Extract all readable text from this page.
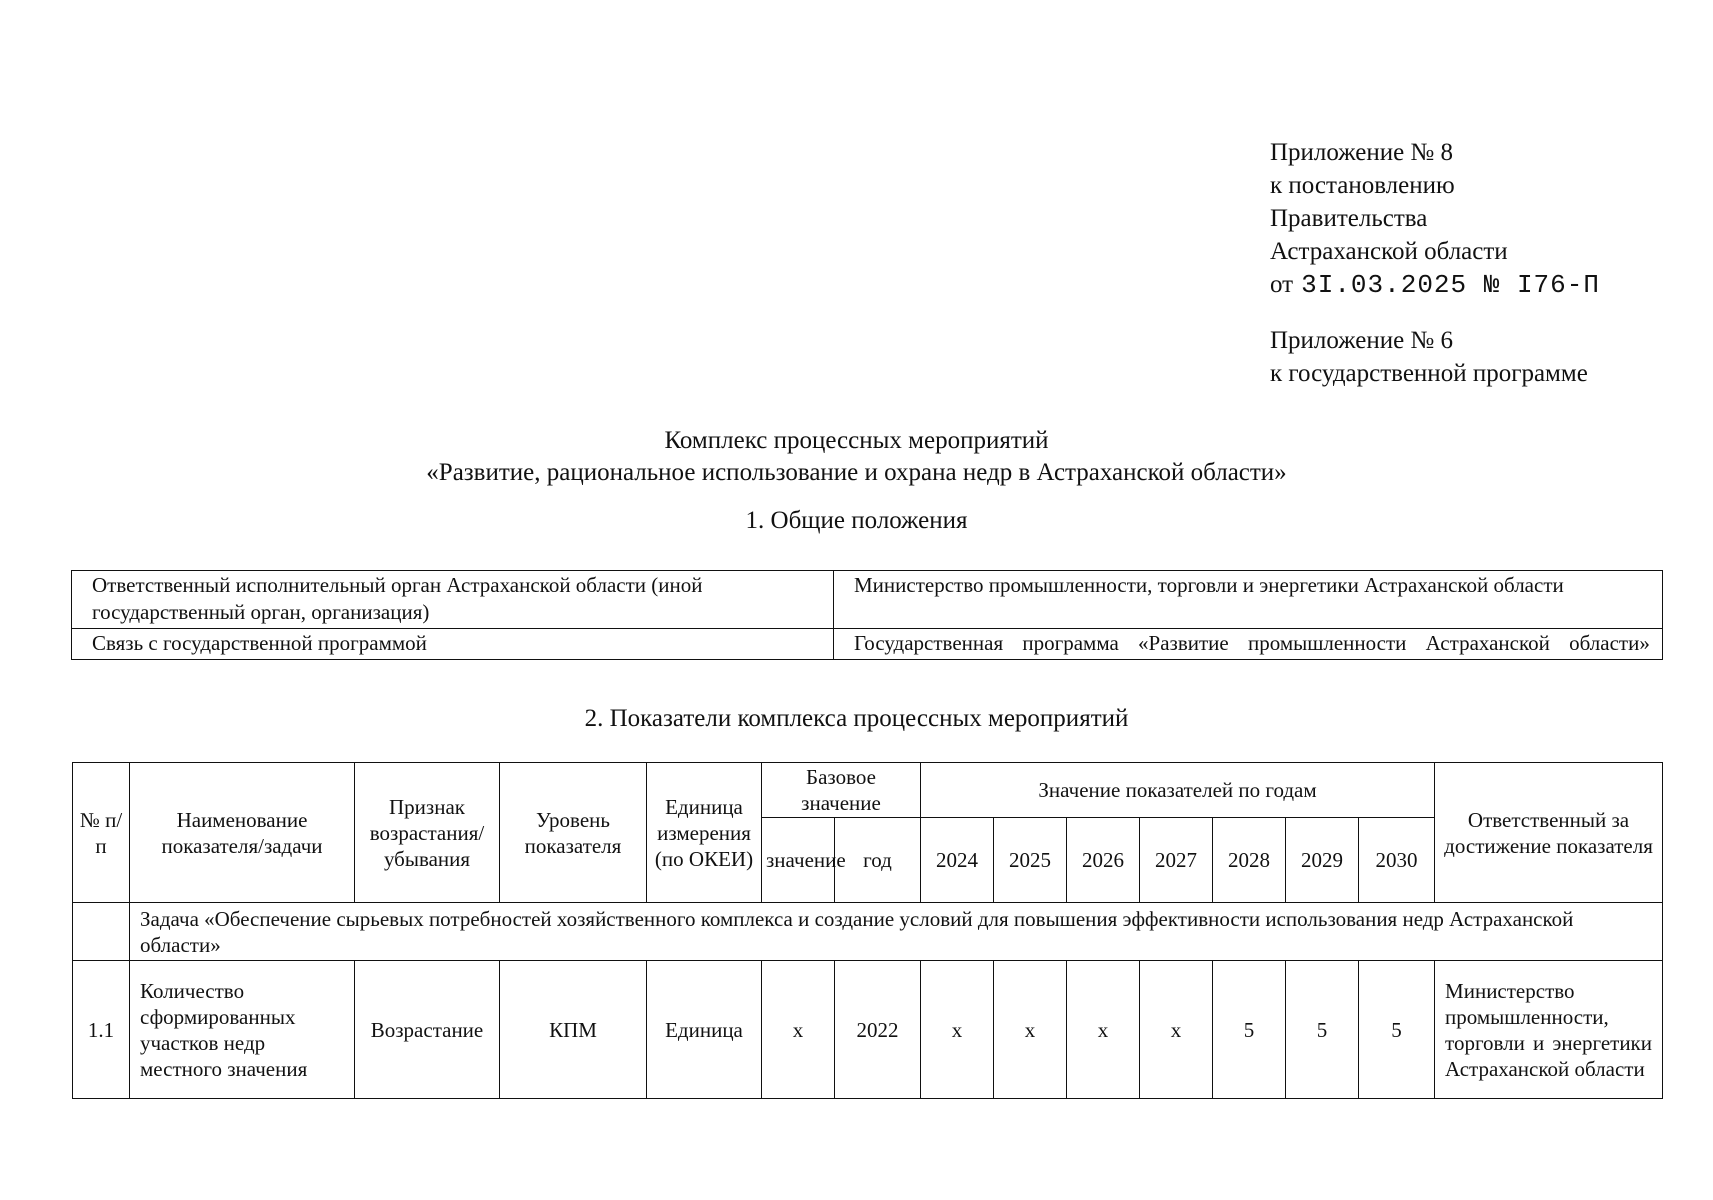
Приложение № 8
к постановлению
Правительства
Астраханской области
от 3I.03.2025 № I76-П
Приложение № 6
к государственной программе
Комплекс процессных мероприятий
«Развитие, рациональное использование и охрана недр в Астраханской области»
1. Общие положения
Ответственный исполнительный орган Астраханской области (иной государственный орган, организация)	Министерство промышленности, торговли и энергетики Астраханской области
Связь с государственной программой	Государственная программа «Развитие промышленности Астраханской области»
2. Показатели комплекса процессных мероприятий
№ п/п	Наименование показателя/задачи	Признак возрастания/ убывания	Уровень показателя	Единица измерения (по ОКЕИ)	Базовое значение		Значение показателей по годам							Ответственный за достижение показателя
					значение	год	2024	2025	2026	2027	2028	2029	2030	
	Задача «Обеспечение сырьевых потребностей хозяйственного комплекса и создание условий для повышения эффективности использования недр Астраханской области»													
1.1	Количество сформированных участков недр местного значения	Возрастание	КПМ	Единица	х	2022	х	х	х	х	5	5	5	Министерство промышленности, торговли и энергетики Астраханской области
